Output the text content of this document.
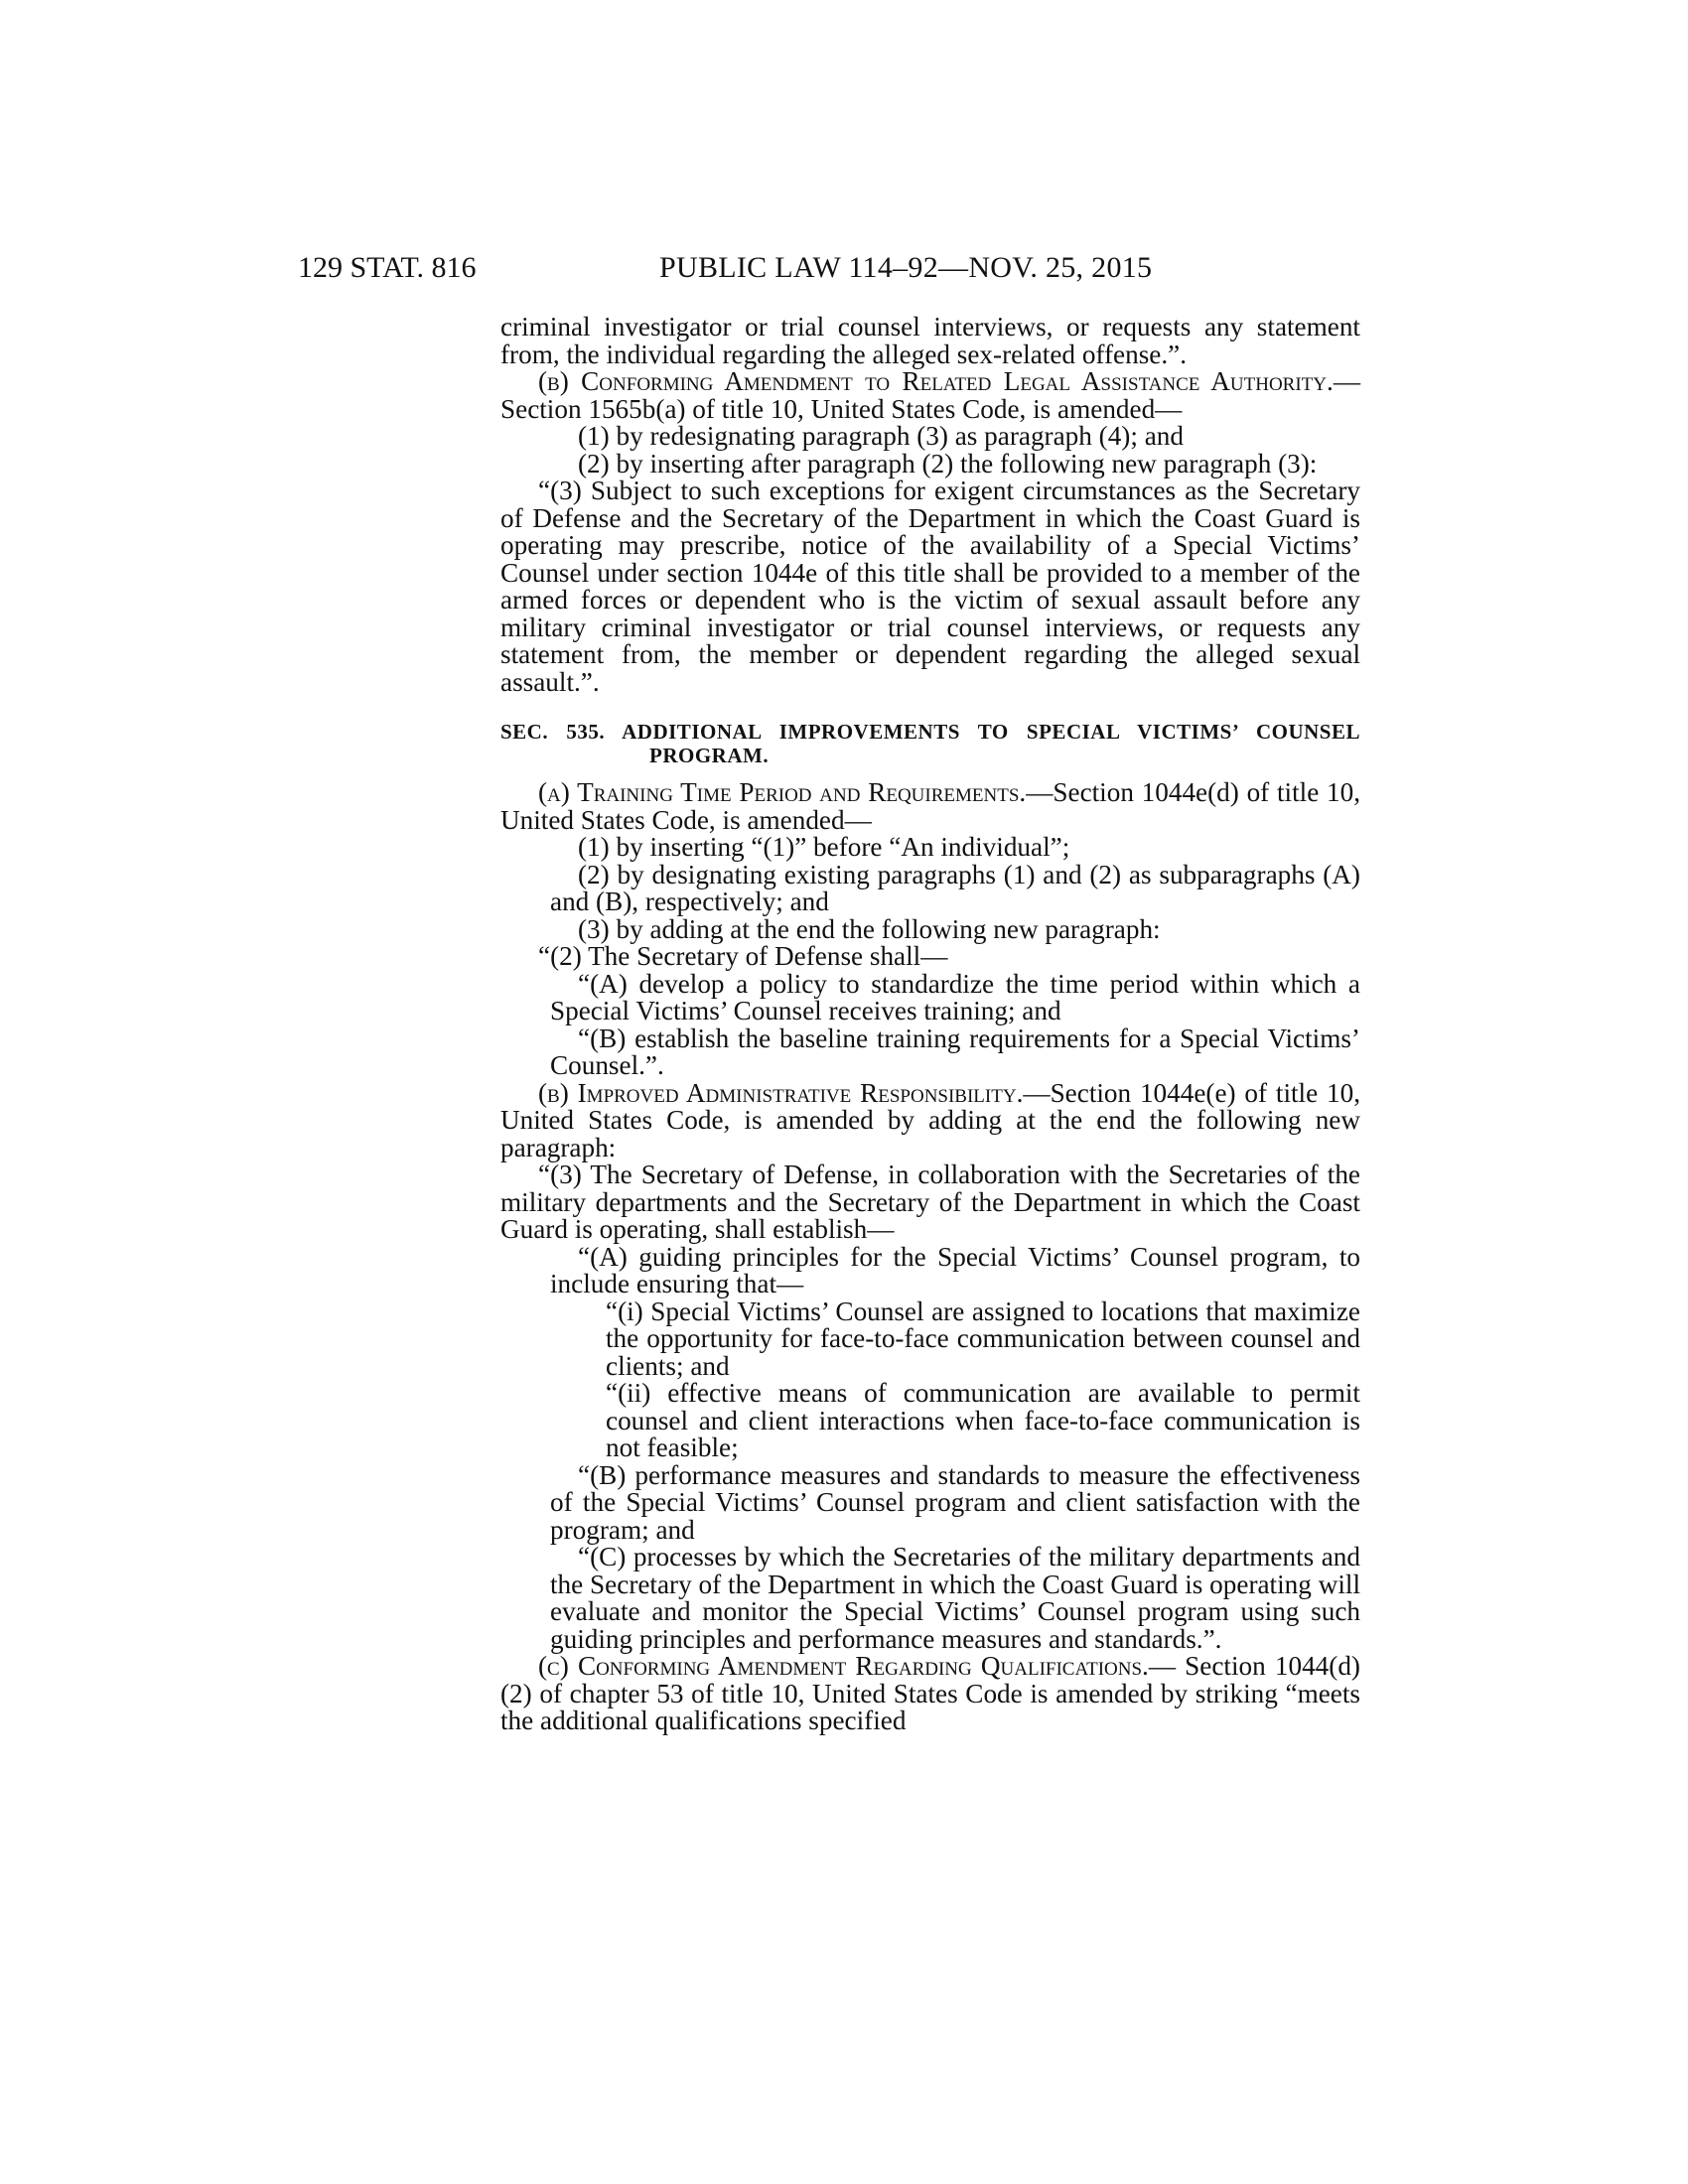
129 STAT. 816	PUBLIC LAW 114–92—NOV. 25, 2015

criminal investigator or trial counsel interviews, or requests any statement from, the individual regarding the alleged sex-related offense.”.

(b) Conforming Amendment to Related Legal Assistance Authority.—Section 1565b(a) of title 10, United States Code, is amended—

(1) by redesignating paragraph (3) as paragraph (4); and

(2) by inserting after paragraph (2) the following new paragraph (3):

“(3) Subject to such exceptions for exigent circumstances as the Secretary of Defense and the Secretary of the Department in which the Coast Guard is operating may prescribe, notice of the availability of a Special Victims’ Counsel under section 1044e of this title shall be provided to a member of the armed forces or dependent who is the victim of sexual assault before any military criminal investigator or trial counsel interviews, or requests any statement from, the member or dependent regarding the alleged sexual assault.”.

SEC. 535. ADDITIONAL IMPROVEMENTS TO SPECIAL VICTIMS’ COUNSEL PROGRAM.

(a) Training Time Period and Requirements.—Section 1044e(d) of title 10, United States Code, is amended—

(1) by inserting “(1)” before “An individual”;

(2) by designating existing paragraphs (1) and (2) as subparagraphs (A) and (B), respectively; and

(3) by adding at the end the following new paragraph:

“(2) The Secretary of Defense shall—

“(A) develop a policy to standardize the time period within which a Special Victims’ Counsel receives training; and

“(B) establish the baseline training requirements for a Special Victims’ Counsel.”.

(b) Improved Administrative Responsibility.—Section 1044e(e) of title 10, United States Code, is amended by adding at the end the following new paragraph:

“(3) The Secretary of Defense, in collaboration with the Secretaries of the military departments and the Secretary of the Department in which the Coast Guard is operating, shall establish—

“(A) guiding principles for the Special Victims’ Counsel program, to include ensuring that—

“(i) Special Victims’ Counsel are assigned to locations that maximize the opportunity for face-to-face communication between counsel and clients; and

“(ii) effective means of communication are available to permit counsel and client interactions when face-to-face communication is not feasible;

“(B) performance measures and standards to measure the effectiveness of the Special Victims’ Counsel program and client satisfaction with the program; and

“(C) processes by which the Secretaries of the military departments and the Secretary of the Department in which the Coast Guard is operating will evaluate and monitor the Special Victims’ Counsel program using such guiding principles and performance measures and standards.”.

(c) Conforming Amendment Regarding Qualifications.— Section 1044(d)(2) of chapter 53 of title 10, United States Code is amended by striking “meets the additional qualifications specified
